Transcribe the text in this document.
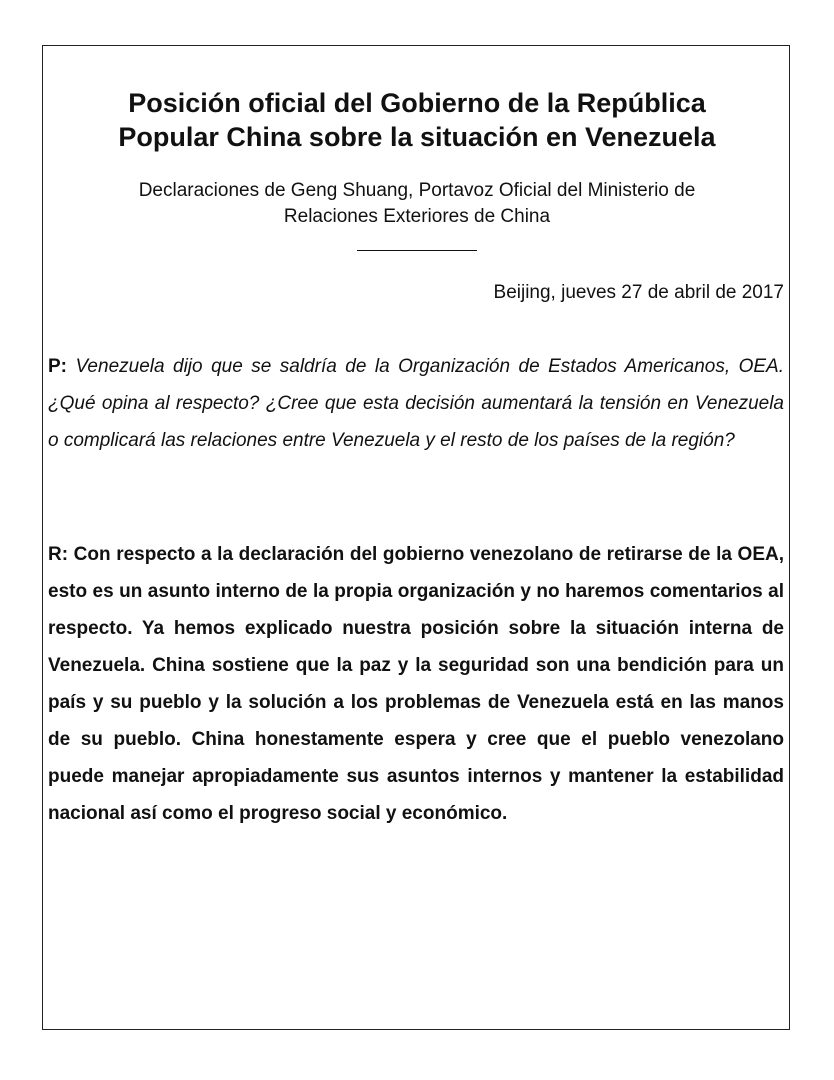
Posición oficial del Gobierno de la República
Popular China sobre la situación en Venezuela

Declaraciones de Geng Shuang, Portavoz Oficial del Ministerio de
Relaciones Exteriores de China

Beijing, jueves 27 de abril de 2017

P: Venezuela dijo que se saldría de la Organización de Estados Americanos, OEA. ¿Qué opina al respecto? ¿Cree que esta decisión aumentará la tensión en Venezuela o complicará las relaciones entre Venezuela y el resto de los países de la región?

R: Con respecto a la declaración del gobierno venezolano de retirarse de la OEA, esto es un asunto interno de la propia organización y no haremos comentarios al respecto. Ya hemos explicado nuestra posición sobre la situación interna de Venezuela. China sostiene que la paz y la seguridad son una bendición para un país y su pueblo y la solución a los problemas de Venezuela está en las manos de su pueblo. China honestamente espera y cree que el pueblo venezolano puede manejar apropiadamente sus asuntos internos y mantener la estabilidad nacional así como el progreso social y económico.
